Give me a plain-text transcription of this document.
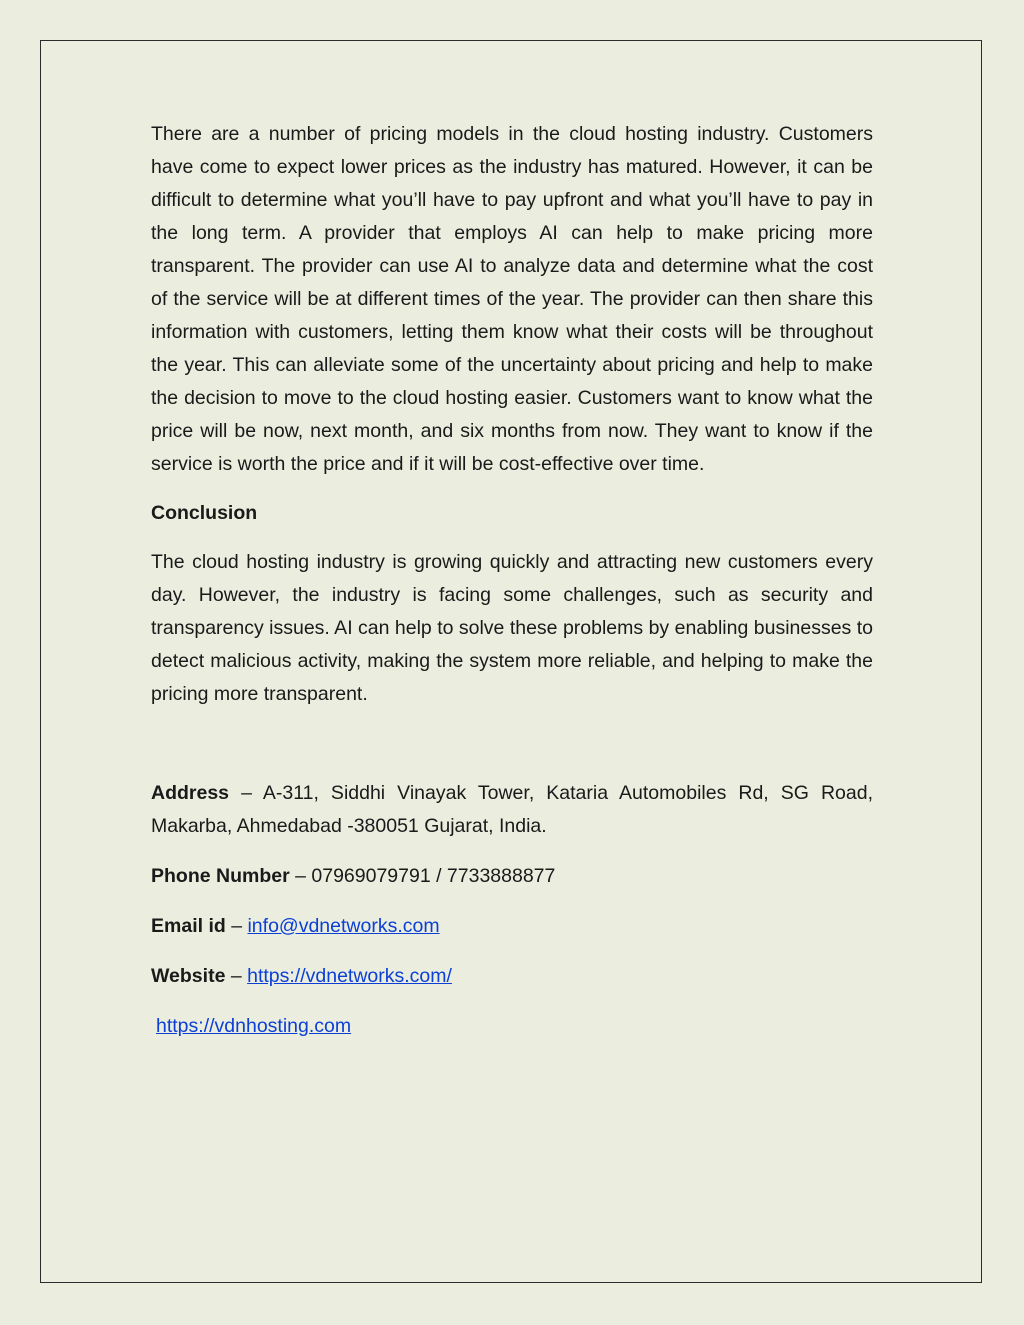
There are a number of pricing models in the cloud hosting industry. Customers have come to expect lower prices as the industry has matured. However, it can be difficult to determine what you’ll have to pay upfront and what you’ll have to pay in the long term. A provider that employs AI can help to make pricing more transparent. The provider can use AI to analyze data and determine what the cost of the service will be at different times of the year. The provider can then share this information with customers, letting them know what their costs will be throughout the year. This can alleviate some of the uncertainty about pricing and help to make the decision to move to the cloud hosting easier. Customers want to know what the price will be now, next month, and six months from now. They want to know if the service is worth the price and if it will be cost-effective over time.

Conclusion

The cloud hosting industry is growing quickly and attracting new customers every day. However, the industry is facing some challenges, such as security and transparency issues. AI can help to solve these problems by enabling businesses to detect malicious activity, making the system more reliable, and helping to make the pricing more transparent.

Address – A-311, Siddhi Vinayak Tower, Kataria Automobiles Rd, SG Road, Makarba, Ahmedabad -380051 Gujarat, India.

Phone Number – 07969079791 / 7733888877

Email id – info@vdnetworks.com

Website – https://vdnetworks.com/

https://vdnhosting.com
